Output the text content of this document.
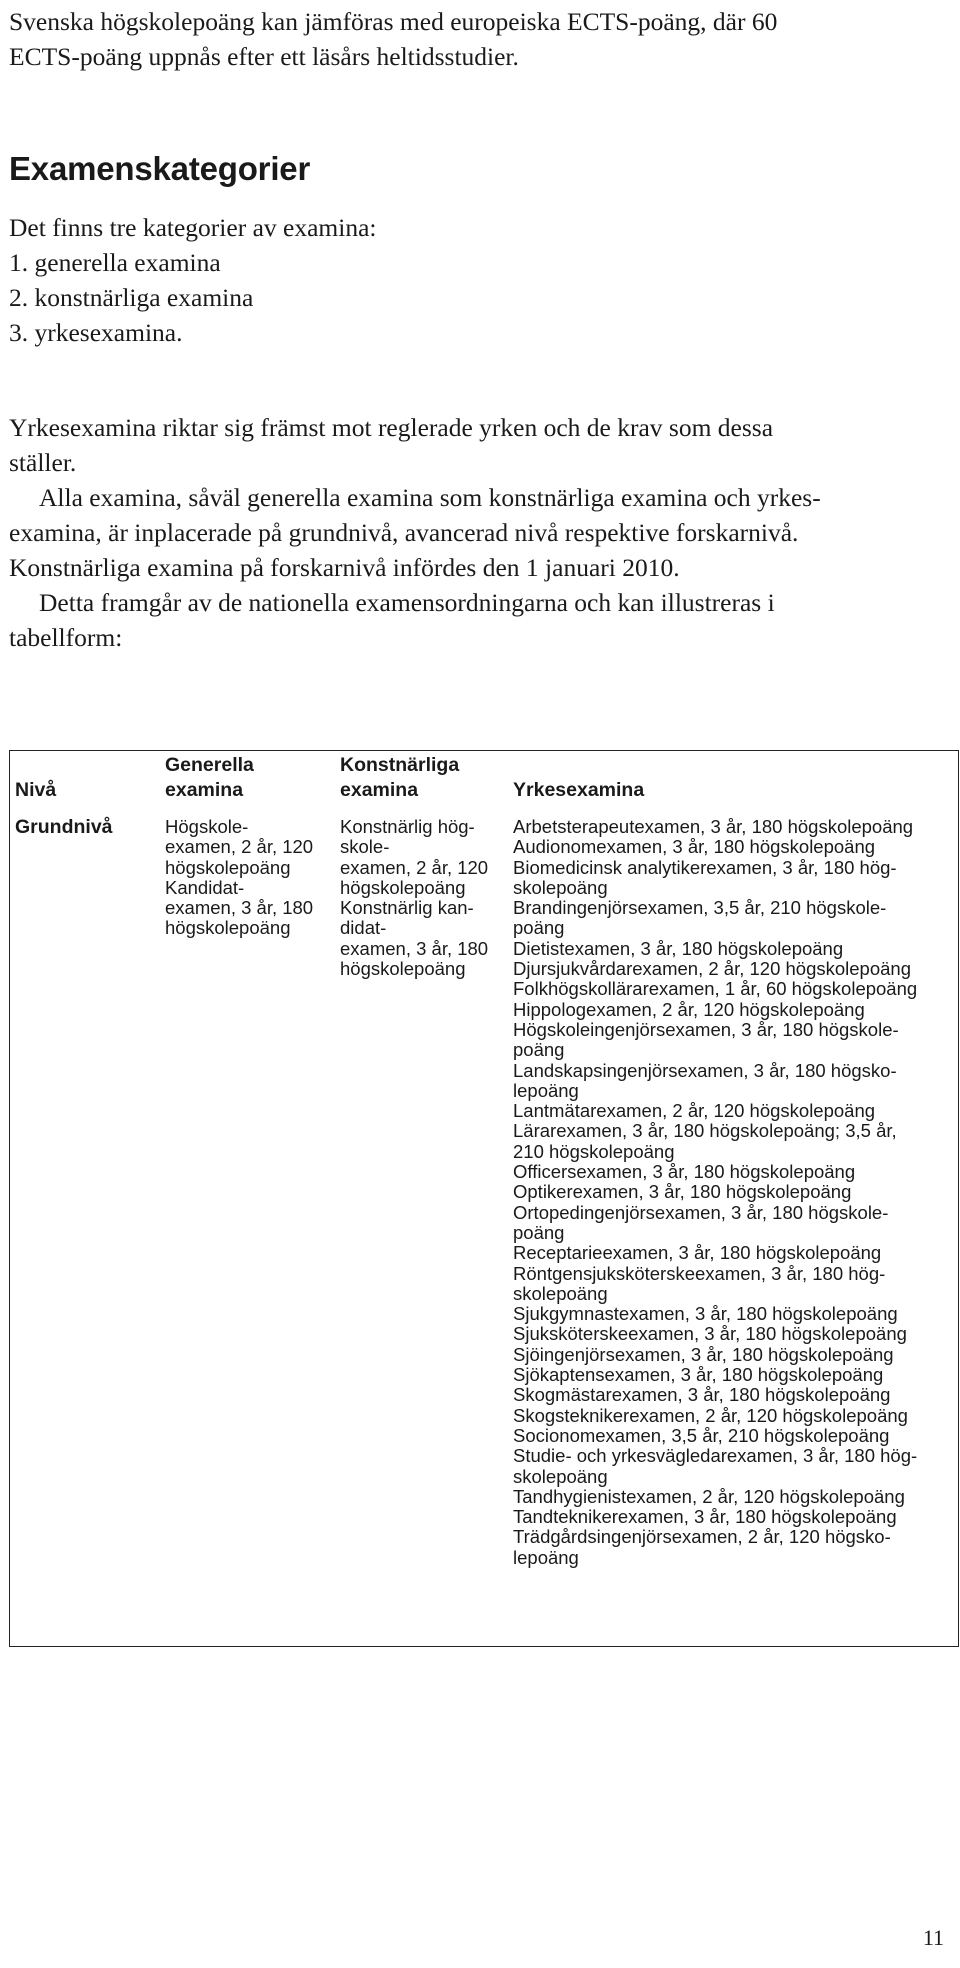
Svenska högskolepoäng kan jämföras med europeiska ECTS-poäng, där 60
ECTS-poäng uppnås efter ett läsårs heltidsstudier.
Examenskategorier
Det finns tre kategorier av examina:
1. generella examina
2. konstnärliga examina
3. yrkesexamina.
Yrkesexamina riktar sig främst mot reglerade yrken och de krav som dessa
ställer.
Alla examina, såväl generella examina som konstnärliga examina och yrkes-
examina, är inplacerade på grundnivå, avancerad nivå respektive forskarnivå.
Konstnärliga examina på forskarnivå infördes den 1 januari 2010.
Detta framgår av de nationella examensordningarna och kan illustreras i
tabellform:
Nivå
Generella
examina
Konstnärliga
examina	Yrkesexamina
Grundnivå	Högskole-
examen, 2 år, 120
högskolepoäng
Kandidat-
examen, 3 år, 180
högskolepoäng
Konstnärlig hög-
skole-
examen, 2 år, 120
högskolepoäng
Konstnärlig kan-
didat-
examen, 3 år, 180
högskolepoäng
Arbetsterapeutexamen, 3 år, 180 högskolepoäng
Audionomexamen, 3 år, 180 högskolepoäng
Biomedicinsk analytikerexamen, 3 år, 180 hög-
skolepoäng
Brandingenjörsexamen, 3,5 år, 210 högskole-
poäng
Dietistexamen, 3 år, 180 högskolepoäng
Djursjukvårdarexamen, 2 år, 120 högskolepoäng
Folkhögskollärarexamen, 1 år, 60 högskolepoäng
Hippologexamen, 2 år, 120 högskolepoäng
Högskoleingenjörsexamen, 3 år, 180 högskole-
poäng
Landskapsingenjörsexamen, 3 år, 180 högsko-
lepoäng
Lantmätarexamen, 2 år, 120 högskolepoäng
Lärarexamen, 3 år, 180 högskolepoäng; 3,5 år,
210 högskolepoäng
Officersexamen, 3 år, 180 högskolepoäng
Optikerexamen, 3 år, 180 högskolepoäng
Ortopedingenjörsexamen, 3 år, 180 högskole-
poäng
Receptarieexamen, 3 år, 180 högskolepoäng
Röntgensjuksköterskeexamen, 3 år, 180 hög-
skolepoäng
Sjukgymnastexamen, 3 år, 180 högskolepoäng
Sjuksköterskeexamen, 3 år, 180 högskolepoäng
Sjöingenjörsexamen, 3 år, 180 högskolepoäng
Sjökaptensexamen, 3 år, 180 högskolepoäng
Skogmästarexamen, 3 år, 180 högskolepoäng
Skogsteknikerexamen, 2 år, 120 högskolepoäng
Socionomexamen, 3,5 år, 210 högskolepoäng
Studie- och yrkesvägledarexamen, 3 år, 180 hög-
skolepoäng
Tandhygienistexamen, 2 år, 120 högskolepoäng
Tandteknikerexamen, 3 år, 180 högskolepoäng
Trädgårdsingenjörsexamen, 2 år, 120 högsko-
lepoäng
11
